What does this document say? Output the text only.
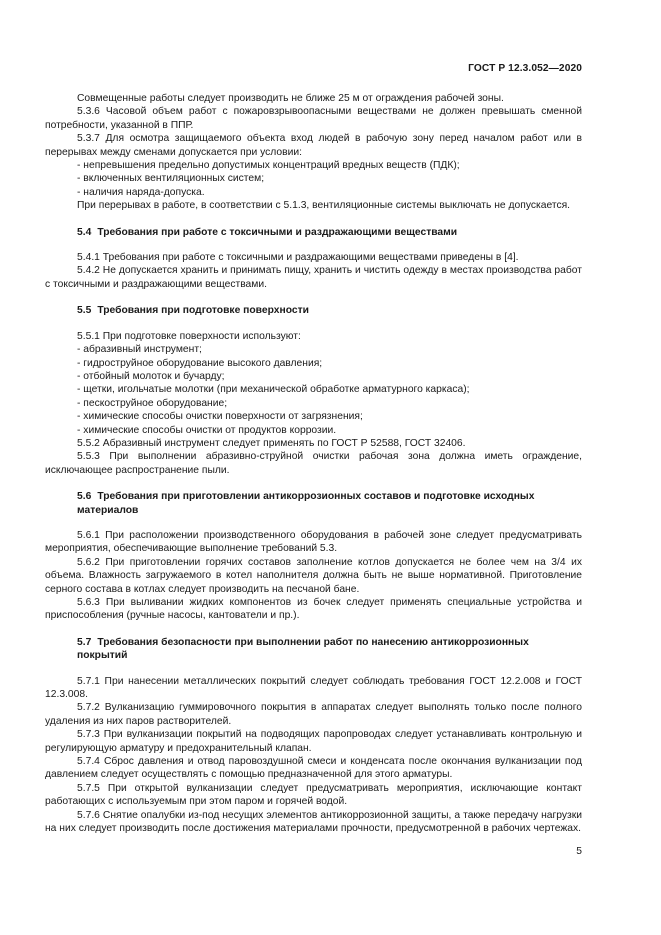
ГОСТ Р 12.3.052—2020

Совмещенные работы следует производить не ближе 25 м от ограждения рабочей зоны.

5.3.6 Часовой объем работ с пожаровзрывоопасными веществами не должен превышать сменной потребности, указанной в ППР.

5.3.7 Для осмотра защищаемого объекта вход людей в рабочую зону перед началом работ или в перерывах между сменами допускается при условии:

- непревышения предельно допустимых концентраций вредных веществ (ПДК);

- включенных вентиляционных систем;

- наличия наряда-допуска.

При перерывах в работе, в соответствии с 5.1.3, вентиляционные системы выключать не допускается.

5.4 Требования при работе с токсичными и раздражающими веществами

5.4.1 Требования при работе с токсичными и раздражающими веществами приведены в [4].

5.4.2 Не допускается хранить и принимать пищу, хранить и чистить одежду в местах производства работ с токсичными и раздражающими веществами.

5.5 Требования при подготовке поверхности

5.5.1 При подготовке поверхности используют:

- абразивный инструмент;

- гидроструйное оборудование высокого давления;

- отбойный молоток и бучарду;

- щетки, игольчатые молотки (при механической обработке арматурного каркаса);

- пескоструйное оборудование;

- химические способы очистки поверхности от загрязнения;

- химические способы очистки от продуктов коррозии.

5.5.2 Абразивный инструмент следует применять по ГОСТ Р 52588, ГОСТ 32406.

5.5.3 При выполнении абразивно-струйной очистки рабочая зона должна иметь ограждение, исключающее распространение пыли.

5.6 Требования при приготовлении антикоррозионных составов и подготовке исходных материалов

5.6.1 При расположении производственного оборудования в рабочей зоне следует предусматривать мероприятия, обеспечивающие выполнение требований 5.3.

5.6.2 При приготовлении горячих составов заполнение котлов допускается не более чем на 3/4 их объема. Влажность загружаемого в котел наполнителя должна быть не выше нормативной. Приготовление серного состава в котлах следует производить на песчаной бане.

5.6.3 При выливании жидких компонентов из бочек следует применять специальные устройства и приспособления (ручные насосы, кантователи и пр.).

5.7 Требования безопасности при выполнении работ по нанесению антикоррозионных покрытий

5.7.1 При нанесении металлических покрытий следует соблюдать требования ГОСТ 12.2.008 и ГОСТ 12.3.008.

5.7.2 Вулканизацию гуммировочного покрытия в аппаратах следует выполнять только после полного удаления из них паров растворителей.

5.7.3 При вулканизации покрытий на подводящих паропроводах следует устанавливать контрольную и регулирующую арматуру и предохранительный клапан.

5.7.4 Сброс давления и отвод паровоздушной смеси и конденсата после окончания вулканизации под давлением следует осуществлять с помощью предназначенной для этого арматуры.

5.7.5 При открытой вулканизации следует предусматривать мероприятия, исключающие контакт работающих с используемым при этом паром и горячей водой.

5.7.6 Снятие опалубки из-под несущих элементов антикоррозионной защиты, а также передачу нагрузки на них следует производить после достижения материалами прочности, предусмотренной в рабочих чертежах.

5
